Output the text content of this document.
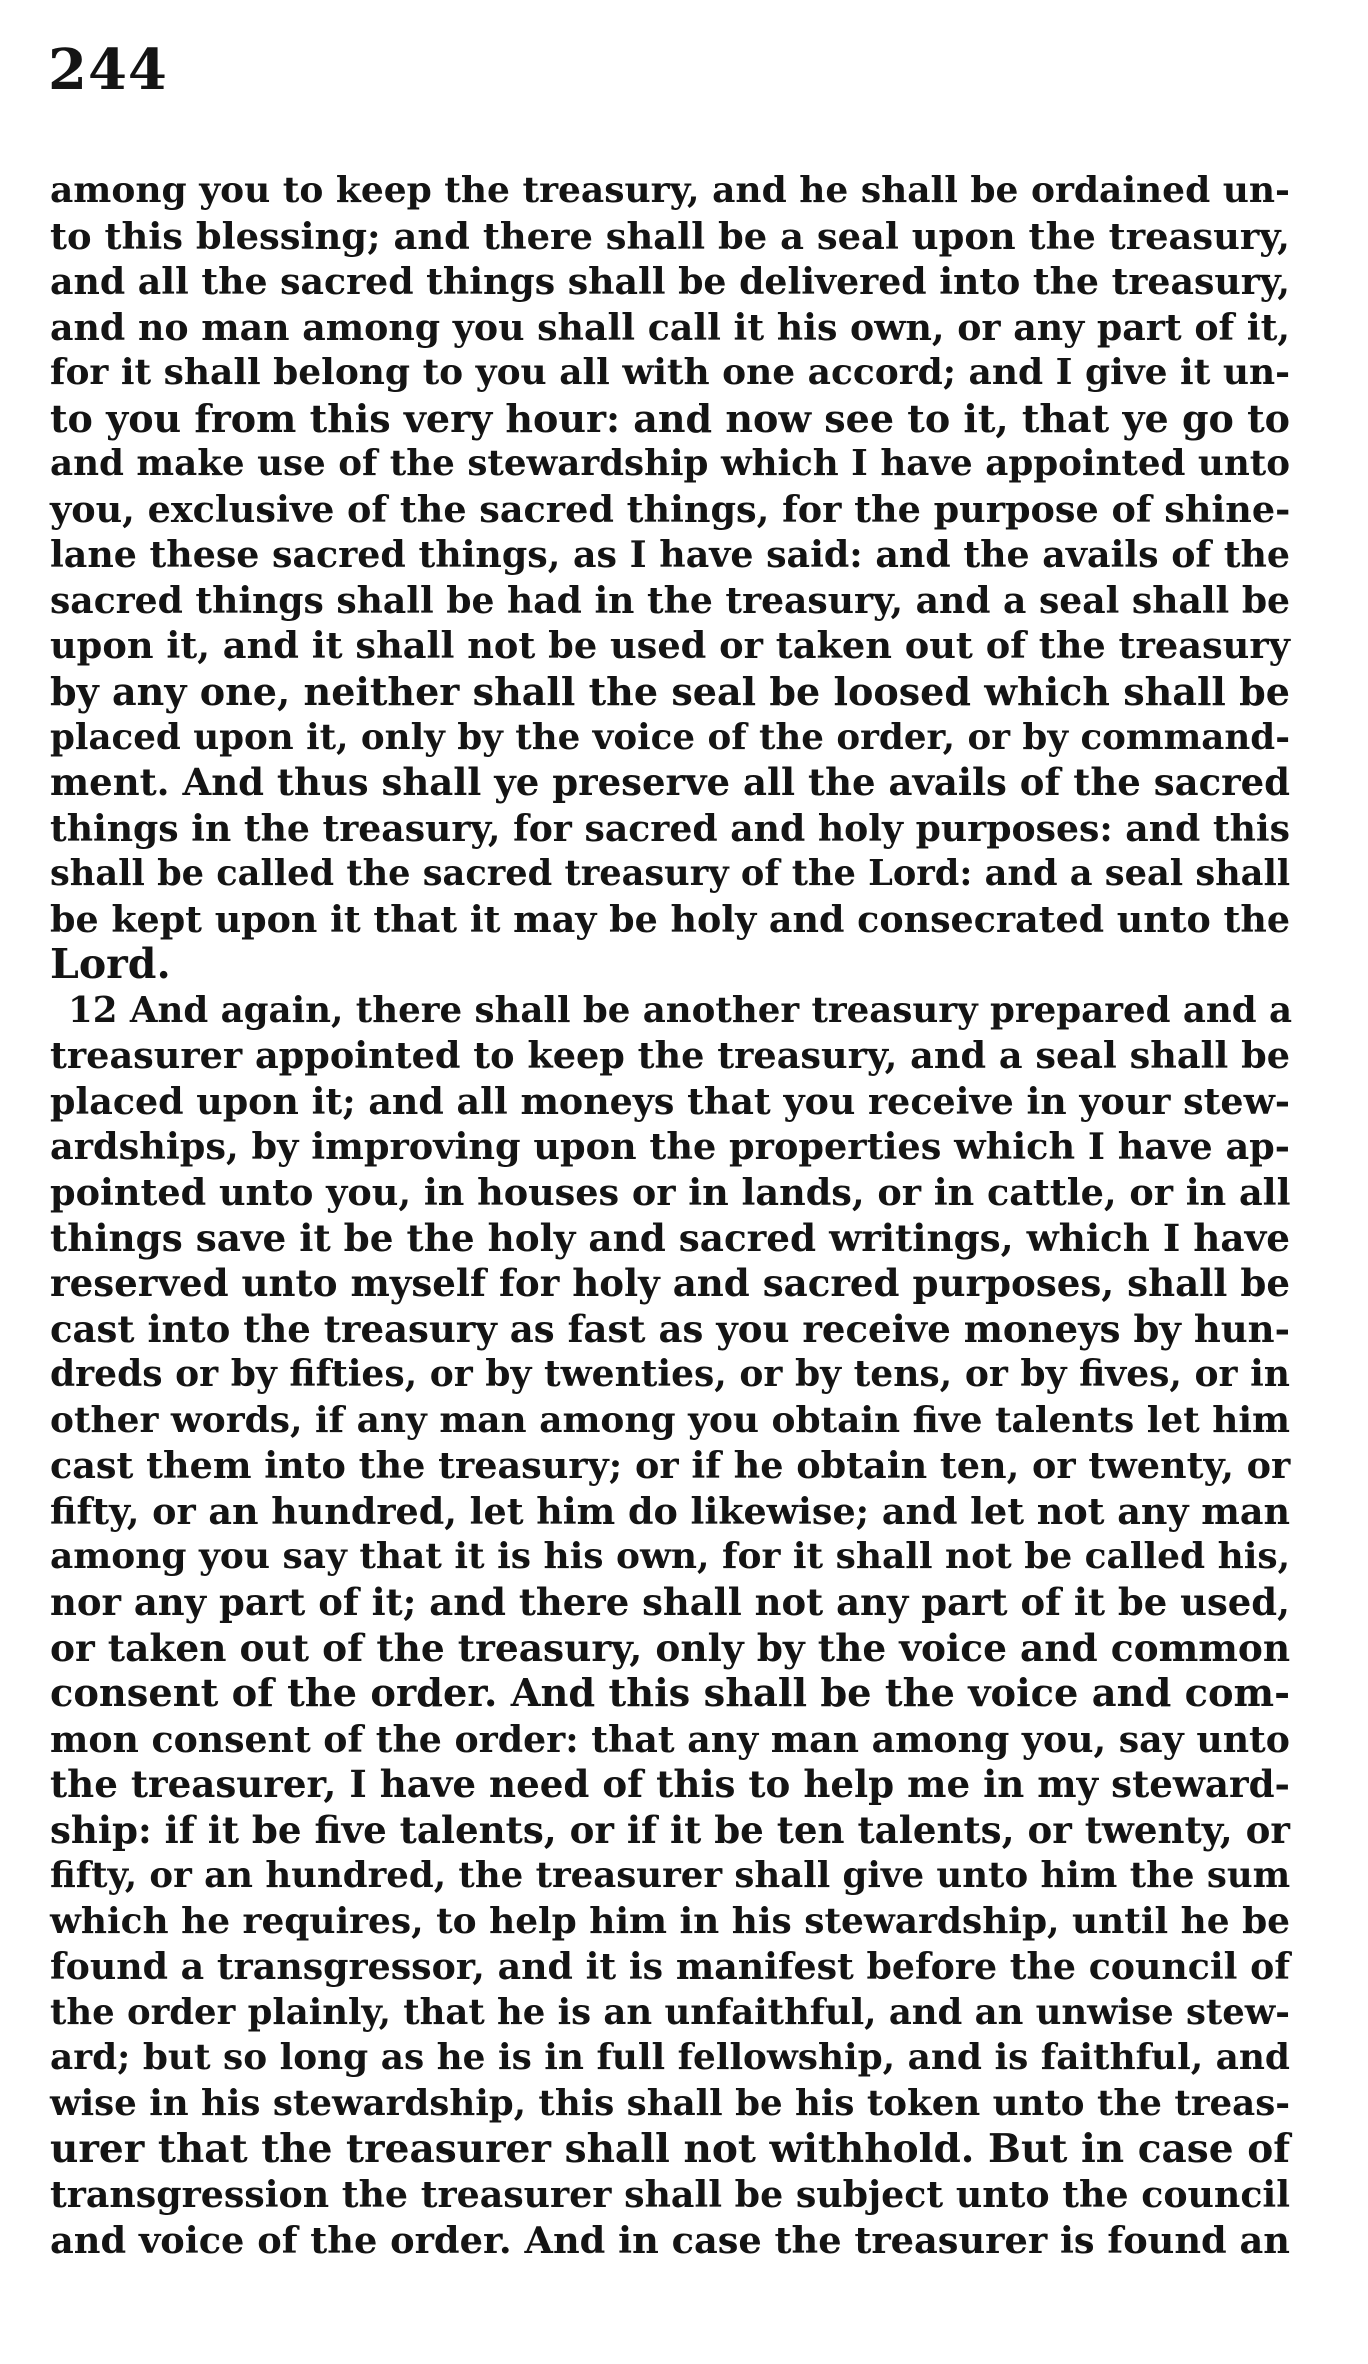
244
among you to keep the treasury, and he shall be ordained un-
to this blessing; and there shall be a seal upon the treasury,
and all the sacred things shall be delivered into the treasury,
and no man among you shall call it his own, or any part of it,
for it shall belong to you all with one accord; and I give it un-
to you from this very hour: and now see to it, that ye go to
and make use of the stewardship which I have appointed unto
you, exclusive of the sacred things, for the purpose of shine-
lane these sacred things, as I have said: and the avails of the
sacred things shall be had in the treasury, and a seal shall be
upon it, and it shall not be used or taken out of the treasury
by any one, neither shall the seal be loosed which shall be
placed upon it, only by the voice of the order, or by command-
ment. And thus shall ye preserve all the avails of the sacred
things in the treasury, for sacred and holy purposes: and this
shall be called the sacred treasury of the Lord: and a seal shall
be kept upon it that it may be holy and consecrated unto the
Lord.
12 And again, there shall be another treasury prepared and a
treasurer appointed to keep the treasury, and a seal shall be
placed upon it; and all moneys that you receive in your stew-
ardships, by improving upon the properties which I have ap-
pointed unto you, in houses or in lands, or in cattle, or in all
things save it be the holy and sacred writings, which I have
reserved unto myself for holy and sacred purposes, shall be
cast into the treasury as fast as you receive moneys by hun-
dreds or by fifties, or by twenties, or by tens, or by fives, or in
other words, if any man among you obtain five talents let him
cast them into the treasury; or if he obtain ten, or twenty, or
fifty, or an hundred, let him do likewise; and let not any man
among you say that it is his own, for it shall not be called his,
nor any part of it; and there shall not any part of it be used,
or taken out of the treasury, only by the voice and common
consent of the order. And this shall be the voice and com-
mon consent of the order: that any man among you, say unto
the treasurer, I have need of this to help me in my steward-
ship: if it be five talents, or if it be ten talents, or twenty, or
fifty, or an hundred, the treasurer shall give unto him the sum
which he requires, to help him in his stewardship, until he be
found a transgressor, and it is manifest before the council of
the order plainly, that he is an unfaithful, and an unwise stew-
ard; but so long as he is in full fellowship, and is faithful, and
wise in his stewardship, this shall be his token unto the treas-
urer that the treasurer shall not withhold. But in case of
transgression the treasurer shall be subject unto the council
and voice of the order. And in case the treasurer is found an
